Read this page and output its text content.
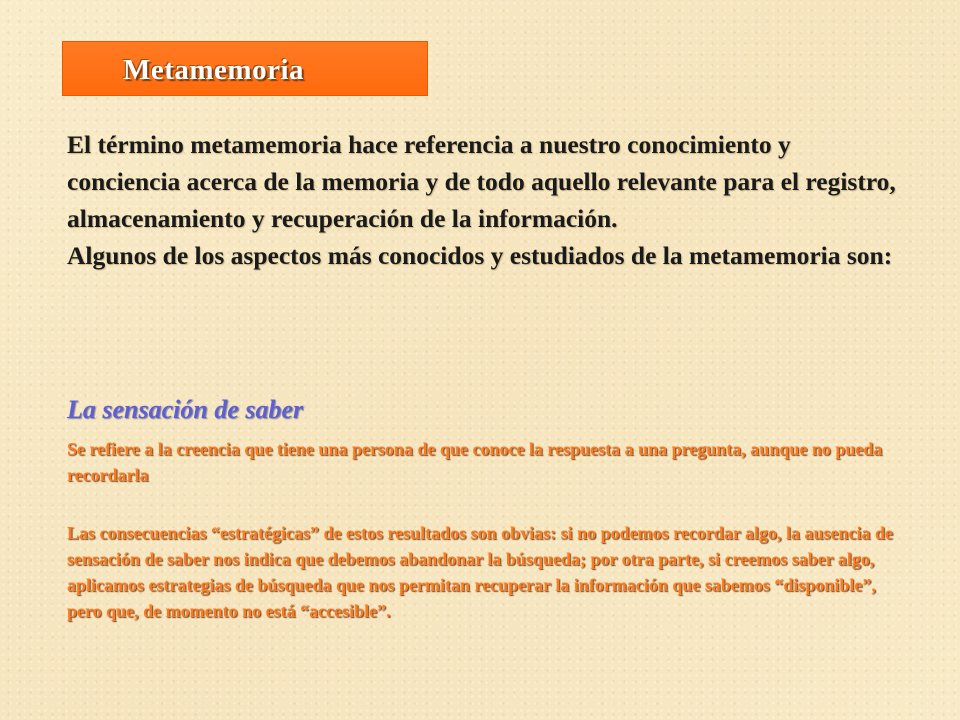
Metamemoria

El término metamemoria hace referencia a nuestro conocimiento y conciencia acerca de la memoria y de todo aquello relevante para el registro, almacenamiento y recuperación de la información.

Algunos de los aspectos más conocidos y estudiados de la metamemoria son:

La sensación de saber

Se refiere a la creencia que tiene una persona de que conoce la respuesta a una pregunta, aunque no pueda recordarla

Las consecuencias “estratégicas” de estos resultados son obvias: si no podemos recordar algo, la ausencia de sensación de saber nos indica que debemos abandonar la búsqueda; por otra parte, si creemos saber algo, aplicamos estrategias de búsqueda que nos permitan recuperar la información que sabemos “disponible”, pero que, de momento no está “accesible”.
